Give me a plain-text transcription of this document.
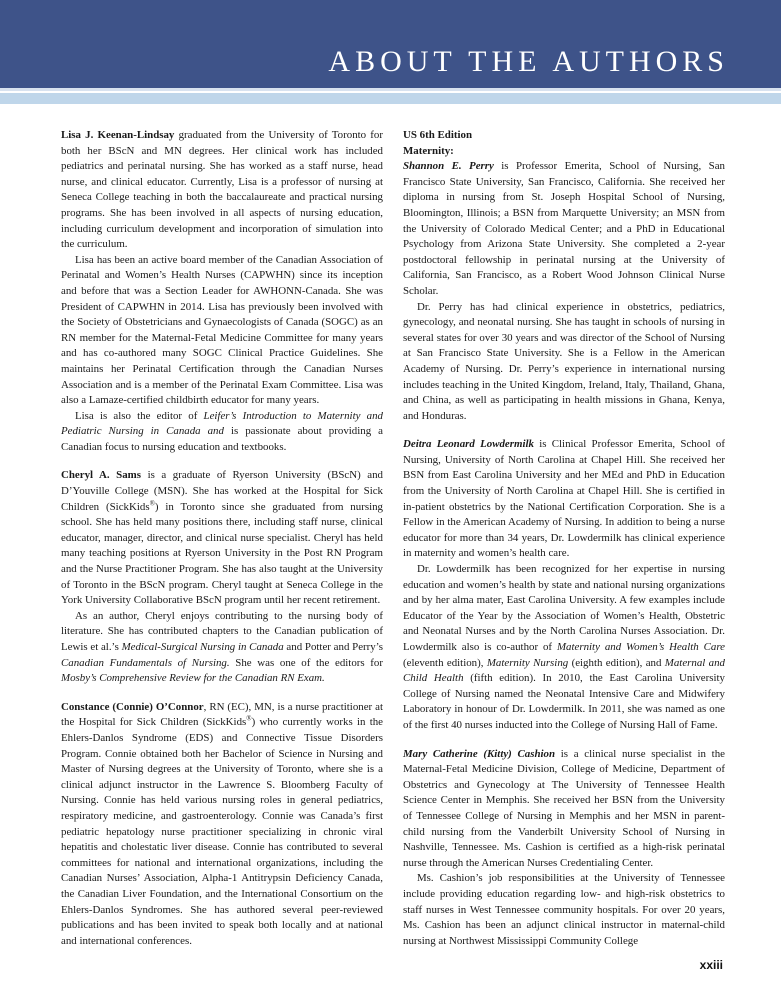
ABOUT THE AUTHORS

Lisa J. Keenan-Lindsay graduated from the University of Toronto for both her BScN and MN degrees. Her clinical work has included pediatrics and perinatal nursing. She has worked as a staff nurse, head nurse, and clinical educator. Currently, Lisa is a professor of nursing at Seneca College teaching in both the baccalaureate and practical nursing programs. She has been involved in all aspects of nursing education, including curriculum development and incorporation of simulation into the curriculum.

Lisa has been an active board member of the Canadian Association of Perinatal and Women’s Health Nurses (CAPWHN) since its inception and before that was a Section Leader for AWHONN-Canada. She was President of CAPWHN in 2014. Lisa has previously been involved with the Society of Obstetricians and Gynaecologists of Canada (SOGC) as an RN member for the Maternal-Fetal Medicine Committee for many years and has co-authored many SOGC Clinical Practice Guidelines. She maintains her Perinatal Certification through the Canadian Nurses Association and is a member of the Perinatal Exam Committee. Lisa was also a Lamaze-certified childbirth educator for many years.

Lisa is also the editor of Leifer’s Introduction to Maternity and Pediatric Nursing in Canada and is passionate about providing a Canadian focus to nursing education and textbooks.

Cheryl A. Sams is a graduate of Ryerson University (BScN) and D’Youville College (MSN). She has worked at the Hospital for Sick Children (SickKids®) in Toronto since she graduated from nursing school. She has held many positions there, including staff nurse, clinical educator, manager, director, and clinical nurse specialist. Cheryl has held many teaching positions at Ryerson University in the Post RN Program and the Nurse Practitioner Program. She has also taught at the University of Toronto in the BScN program. Cheryl taught at Seneca College in the York University Collaborative BScN program until her recent retirement.

As an author, Cheryl enjoys contributing to the nursing body of literature. She has contributed chapters to the Canadian publication of Lewis et al.’s Medical-Surgical Nursing in Canada and Potter and Perry’s Canadian Fundamentals of Nursing. She was one of the editors for Mosby’s Comprehensive Review for the Canadian RN Exam.

Constance (Connie) O’Connor, RN (EC), MN, is a nurse practitioner at the Hospital for Sick Children (SickKids®) who currently works in the Ehlers-Danlos Syndrome (EDS) and Connective Tissue Disorders Program. Connie obtained both her Bachelor of Science in Nursing and Master of Nursing degrees at the University of Toronto, where she is a clinical adjunct instructor in the Lawrence S. Bloomberg Faculty of Nursing. Connie has held various nursing roles in general pediatrics, respiratory medicine, and gastroenterology. Connie was Canada’s first pediatric hepatology nurse practitioner specializing in chronic viral hepatitis and cholestatic liver disease. Connie has contributed to several committees for national and international organizations, including the Canadian Nurses’ Association, Alpha-1 Antitrypsin Deficiency Canada, the Canadian Liver Foundation, and the International Consortium on the Ehlers-Danlos Syndromes. She has authored several peer-reviewed publications and has been invited to speak both locally and at national and international conferences.

US 6th Edition

Maternity:

Shannon E. Perry is Professor Emerita, School of Nursing, San Francisco State University, San Francisco, California. She received her diploma in nursing from St. Joseph Hospital School of Nursing, Bloomington, Illinois; a BSN from Marquette University; an MSN from the University of Colorado Medical Center; and a PhD in Educational Psychology from Arizona State University. She completed a 2-year postdoctoral fellowship in perinatal nursing at the University of California, San Francisco, as a Robert Wood Johnson Clinical Nurse Scholar.

Dr. Perry has had clinical experience in obstetrics, pediatrics, gynecology, and neonatal nursing. She has taught in schools of nursing in several states for over 30 years and was director of the School of Nursing at San Francisco State University. She is a Fellow in the American Academy of Nursing. Dr. Perry’s experience in international nursing includes teaching in the United Kingdom, Ireland, Italy, Thailand, Ghana, and China, as well as participating in health missions in Ghana, Kenya, and Honduras.

Deitra Leonard Lowdermilk is Clinical Professor Emerita, School of Nursing, University of North Carolina at Chapel Hill. She received her BSN from East Carolina University and her MEd and PhD in Education from the University of North Carolina at Chapel Hill. She is certified in in-patient obstetrics by the National Certification Corporation. She is a Fellow in the American Academy of Nursing. In addition to being a nurse educator for more than 34 years, Dr. Lowdermilk has clinical experience in maternity and women’s health care.

Dr. Lowdermilk has been recognized for her expertise in nursing education and women’s health by state and national nursing organizations and by her alma mater, East Carolina University. A few examples include Educator of the Year by the Association of Women’s Health, Obstetric and Neonatal Nurses and by the North Carolina Nurses Association. Dr. Lowdermilk also is co-author of Maternity and Women’s Health Care (eleventh edition), Maternity Nursing (eighth edition), and Maternal and Child Health (fifth edition). In 2010, the East Carolina University College of Nursing named the Neonatal Intensive Care and Midwifery Laboratory in honour of Dr. Lowdermilk. In 2011, she was named as one of the first 40 nurses inducted into the College of Nursing Hall of Fame.

Mary Catherine (Kitty) Cashion is a clinical nurse specialist in the Maternal-Fetal Medicine Division, College of Medicine, Department of Obstetrics and Gynecology at The University of Tennessee Health Science Center in Memphis. She received her BSN from the University of Tennessee College of Nursing in Memphis and her MSN in parent-child nursing from the Vanderbilt University School of Nursing in Nashville, Tennessee. Ms. Cashion is certified as a high-risk perinatal nurse through the American Nurses Credentialing Center.

Ms. Cashion’s job responsibilities at the University of Tennessee include providing education regarding low- and high-risk obstetrics to staff nurses in West Tennessee community hospitals. For over 20 years, Ms. Cashion has been an adjunct clinical instructor in maternal-child nursing at Northwest Mississippi Community College

xxiii
